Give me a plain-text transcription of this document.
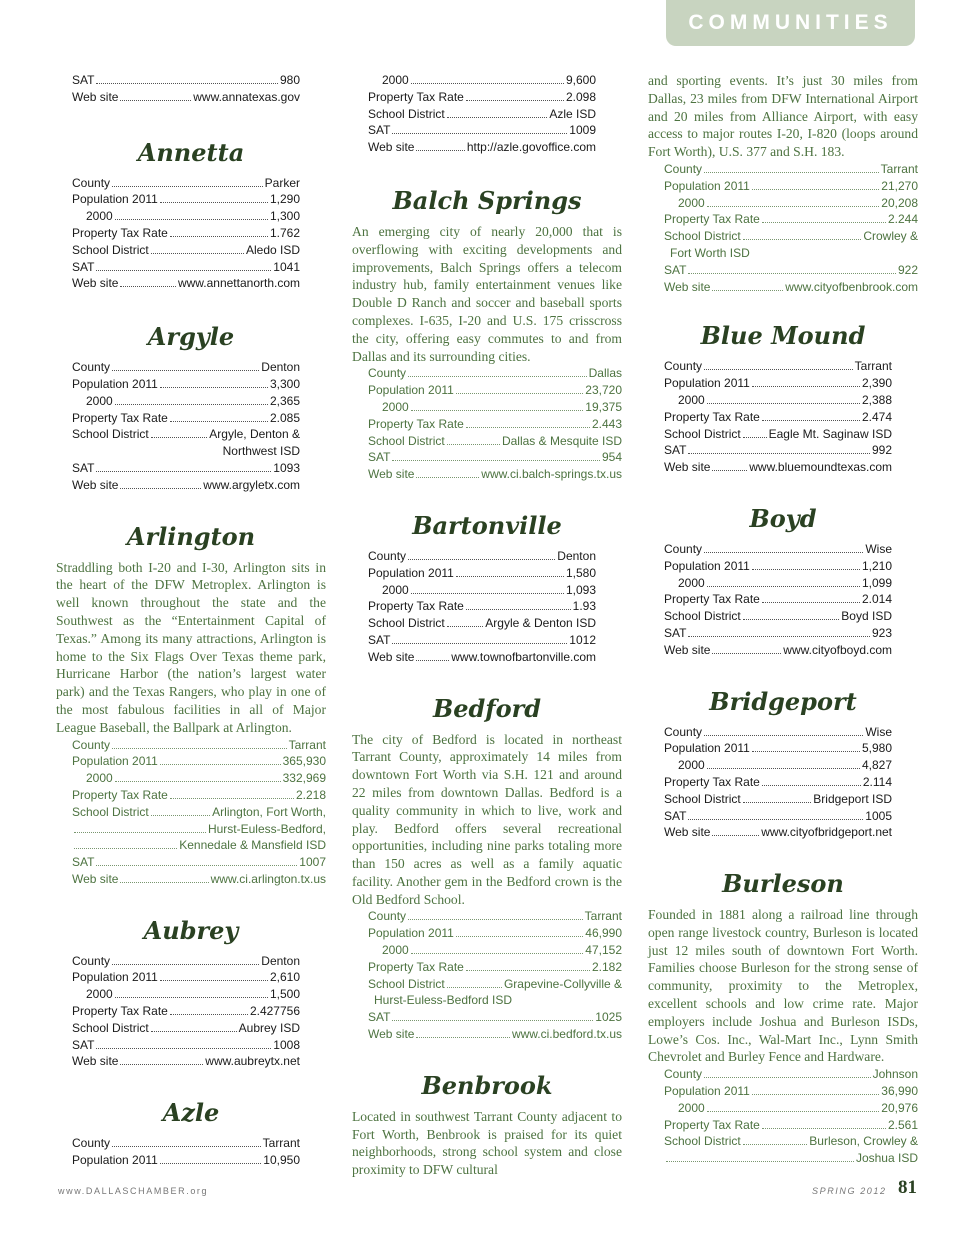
COMMUNITIES
SAT	980
Web site	www.annatexas.gov
Annetta
County	Parker
Population 2011	1,290
2000	1,300
Property Tax Rate	1.762
School District	Aledo ISD
SAT	1041
Web site	www.annettanorth.com
Argyle
County	Denton
Population 2011	3,300
2000	2,365
Property Tax Rate	2.085
School District	Argyle, Denton &
Northwest ISD
SAT	1093
Web site	www.argyletx.com
Arlington

Straddling both I-20 and I-30, Arlington sits in the heart of the DFW Metroplex. Arlington is well known throughout the state and the Southwest as the “Entertainment Capital of Texas.” Among its many attractions, Arlington is home to the Six Flags Over Texas theme park, Hurricane Harbor (the nation’s largest water park) and the Texas Rangers, who play in one of the most fabulous facilities in all of Major League Baseball, the Ballpark at Arlington.

County	Tarrant
Population 2011	365,930
2000	332,969
Property Tax Rate	2.218
School District	Arlington, Fort Worth,
Hurst-Euless-Bedford,
Kennedale & Mansfield ISD
SAT	1007
Web site	www.ci.arlington.tx.us
Aubrey
County	Denton
Population 2011	2,610
2000	1,500
Property Tax Rate	2.427756
School District	Aubrey ISD
SAT	1008
Web site	www.aubreytx.net
Azle
County	Tarrant
Population 2011	10,950
2000	9,600
Property Tax Rate	2.098
School District	Azle ISD
SAT	1009
Web site	http://azle.govoffice.com
Balch Springs

An emerging city of nearly 20,000 that is overflowing with exciting developments and improvements, Balch Springs offers a telecom industry hub, family entertainment venues like Double D Ranch and soccer and baseball sports complexes. I-635, I-20 and U.S. 175 crisscross the city, offering easy commutes to and from Dallas and its surrounding cities.

County	Dallas
Population 2011	23,720
2000	19,375
Property Tax Rate	2.443
School District	Dallas & Mesquite ISD
SAT	954
Web site	www.ci.balch-springs.tx.us
Bartonville
County	Denton
Population 2011	1,580
2000	1,093
Property Tax Rate	1.93
School District	Argyle & Denton ISD
SAT	1012
Web site	www.townofbartonville.com
Bedford

The city of Bedford is located in northeast Tarrant County, approximately 14 miles from downtown Fort Worth via S.H. 121 and around 22 miles from downtown Dallas. Bedford is a quality community in which to live, work and play. Bedford offers several recreational opportunities, including nine parks totaling more than 150 acres as well as a family aquatic facility. Another gem in the Bedford crown is the Old Bedford School.

County	Tarrant
Population 2011	46,990
2000	47,152
Property Tax Rate	2.182
School District	Grapevine-Collyville &
Hurst-Euless-Bedford ISD
SAT	1025
Web site	www.ci.bedford.tx.us
Benbrook

Located in southwest Tarrant County adjacent to Fort Worth, Benbrook is praised for its quiet neighborhoods, strong school system and close proximity to DFW cultural

and sporting events. It’s just 30 miles from Dallas, 23 miles from DFW International Airport and 20 miles from Alliance Airport, with easy access to major routes I-20, I-820 (loops around Fort Worth), U.S. 377 and S.H. 183.

County	Tarrant
Population 2011	21,270
2000	20,208
Property Tax Rate	2.244
School District	Crowley &
Fort Worth ISD
SAT	922
Web site	www.cityofbenbrook.com
Blue Mound
County	Tarrant
Population 2011	2,390
2000	2,388
Property Tax Rate	2.474
School District Eagle Mt. Saginaw ISD
SAT	992
Web site	www.bluemoundtexas.com
Boyd
County	Wise
Population 2011	1,210
2000	1,099
Property Tax Rate	2.014
School District	Boyd ISD
SAT	923
Web site	www.cityofboyd.com
Bridgeport
County	Wise
Population 2011	5,980
2000	4,827
Property Tax Rate	2.114
School District	Bridgeport ISD
SAT	1005
Web site	www.cityofbridgeport.net
Burleson

Founded in 1881 along a railroad line through open range livestock country, Burleson is located just 12 miles south of downtown Fort Worth. Families choose Burleson for the strong sense of community, proximity to the Metroplex, excellent schools and low crime rate. Major employers include Joshua and Burleson ISDs, Lowe’s Cos. Inc., Wal-Mart Inc., Lynn Smith Chevrolet and Burley Fence and Hardware.

County	Johnson
Population 2011	36,990
2000	20,976
Property Tax Rate	2.561
School District	Burleson, Crowley &
Joshua ISD
www.DALLASCHAMBER.org	SPRING 2012 81
